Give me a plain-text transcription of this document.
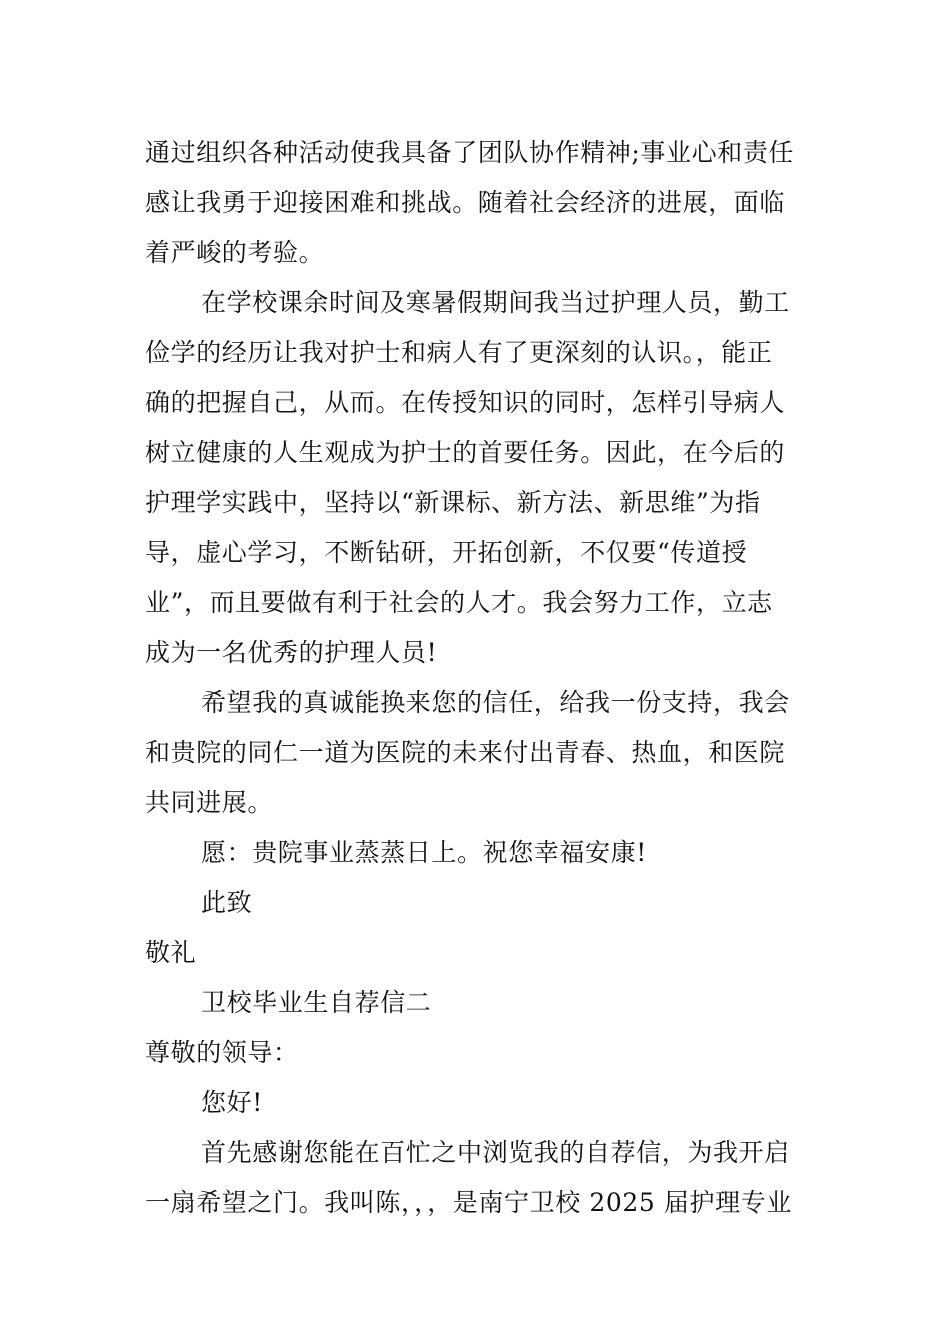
通过组织各种活动使我具备了团队协作精神;事业心和责任
感让我勇于迎接困难和挑战。随着社会经济的进展，面临
着严峻的考验。
在学校课余时间及寒暑假期间我当过护理人员，勤工
俭学的经历让我对护士和病人有了更深刻的认识。，能正
确的把握自己，从而。在传授知识的同时，怎样引导病人
树立健康的人生观成为护士的首要任务。因此，在今后的
护理学实践中，坚持以“新课标、新方法、新思维”为指
导，虚心学习，不断钻研，开拓创新，不仅要“传道授
业”，而且要做有利于社会的人才。我会努力工作，立志
成为一名优秀的护理人员!
希望我的真诚能换来您的信任，给我一份支持，我会
和贵院的同仁一道为医院的未来付出青春、热血，和医院
共同进展。
愿：贵院事业蒸蒸日上。祝您幸福安康!
此致
敬礼
卫校毕业生自荐信二
尊敬的领导：
您好!
首先感谢您能在百忙之中浏览我的自荐信，为我开启
一扇希望之门。我叫陈，，，是南宁卫校 2025 届护理专业
